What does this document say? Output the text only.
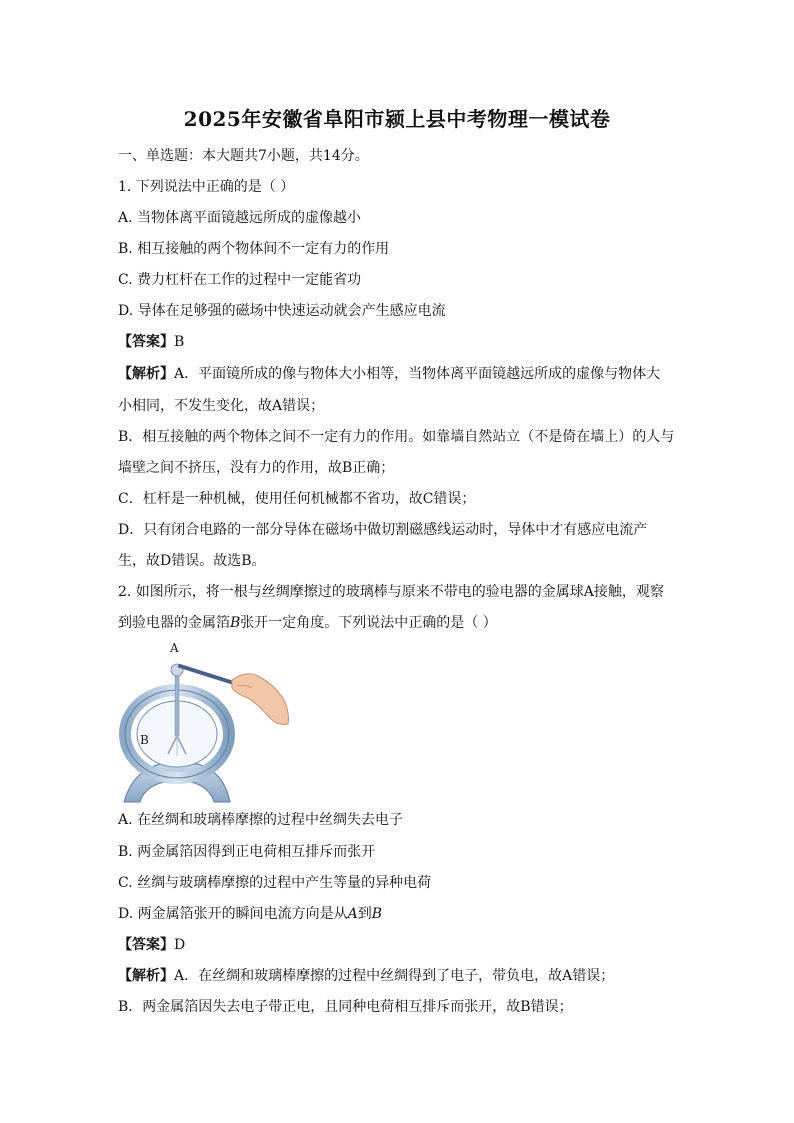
2025年安徽省阜阳市颍上县中考物理一模试卷
一、单选题：本大题共7小题，共14分。
1. 下列说法中正确的是（ ）
A. 当物体离平面镜越远所成的虚像越小
B. 相互接触的两个物体间不一定有力的作用
C. 费力杠杆在工作的过程中一定能省功
D. 导体在足够强的磁场中快速运动就会产生感应电流
【答案】B
【解析】A．平面镜所成的像与物体大小相等，当物体离平面镜越远所成的虚像与物体大
小相同，不发生变化，故A错误；
B．相互接触的两个物体之间不一定有力的作用。如靠墙自然站立（不是倚在墙上）的人与
墙壁之间不挤压，没有力的作用，故B正确；
C．杠杆是一种机械，使用任何机械都不省功，故C错误；
D．只有闭合电路的一部分导体在磁场中做切割磁感线运动时，导体中才有感应电流产
生，故D错误。故选B。
2. 如图所示，将一根与丝绸摩擦过的玻璃棒与原来不带电的验电器的金属球A接触，观察
到验电器的金属箔B张开一定角度。下列说法中正确的是（ ）
A
B
A. 在丝绸和玻璃棒摩擦的过程中丝绸失去电子
B. 两金属箔因得到正电荷相互排斥而张开
C. 丝绸与玻璃棒摩擦的过程中产生等量的异种电荷
D. 两金属箔张开的瞬间电流方向是从A到B
【答案】D
【解析】A．在丝绸和玻璃棒摩擦的过程中丝绸得到了电子，带负电，故A错误；
B．两金属箔因失去电子带正电，且同种电荷相互排斥而张开，故B错误；
